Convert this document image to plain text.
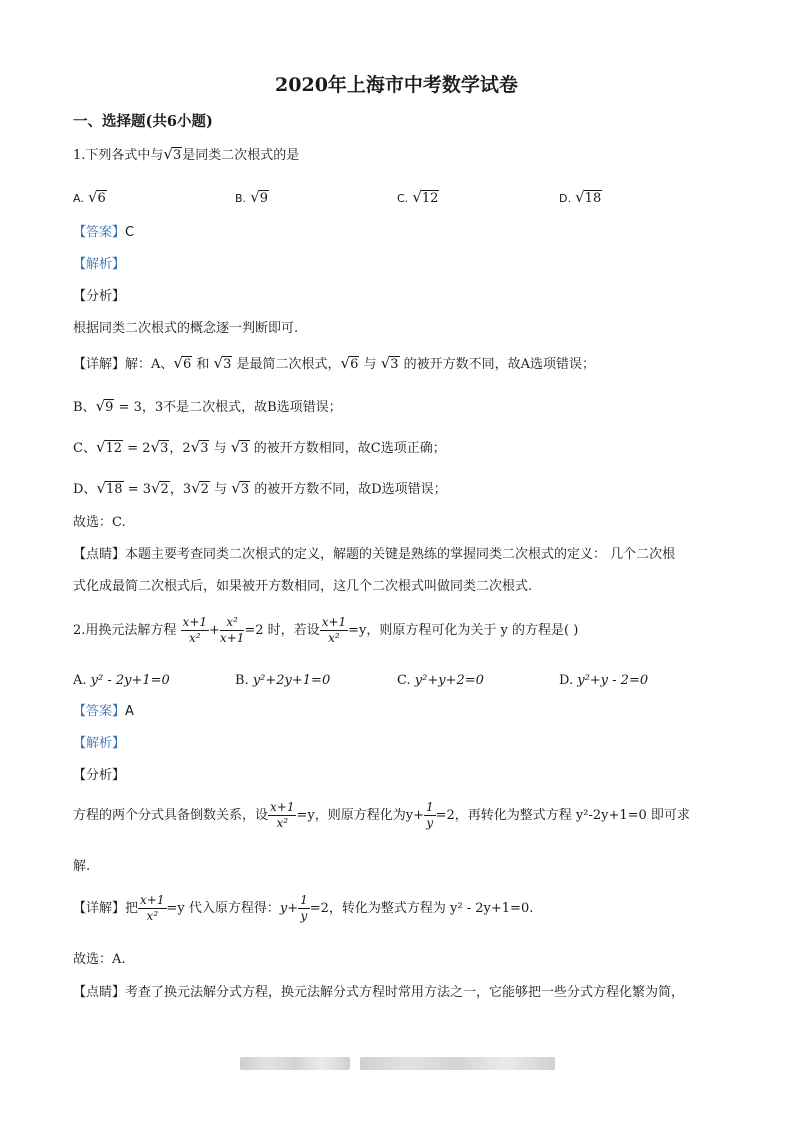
2020年上海市中考数学试卷
一、选择题(共6小题)
1.下列各式中与√3是同类二次根式的是
A. √6	B. √9	C. √12	D. √18
【答案】C
【解析】
【分析】
根据同类二次根式的概念逐一判断即可.
【详解】解：A、√6 和 √3 是最简二次根式，√6 与 √3 的被开方数不同，故A选项错误；
B、√9 = 3，3不是二次根式，故B选项错误；
C、√12 = 2√3，2√3 与 √3 的被开方数相同，故C选项正确；
D、√18 = 3√2，3√2 与 √3 的被开方数不同，故D选项错误；
故选：C.
【点睛】本题主要考查同类二次根式的定义，解题的关键是熟练的掌握同类二次根式的定义： 几个二次根
式化成最简二次根式后，如果被开方数相同，这几个二次根式叫做同类二次根式.
2.用换元法解方程 $\frac{x+1}{\text{x²}} + \frac{\text{x²}}{x+1} =2$ 时，若设 $\frac{x+1}{\text{x²}} =y$，则原方程可化为关于 y 的方程是( )
A. y² - 2y+1=0	B. y²+2y+1=0	C. y²+y+2=0	D. y²+y - 2=0
【答案】A
【解析】
【分析】
方程的两个分式具备倒数关系，设 $\frac{x+1}{\text{x²}} =y$，则原方程化为$y+ \frac{1}{y} =2$，再转化为整式方程 y²-2y+1=0 即可求
解.
【详解】把 $\frac{x+1}{\text{x²}} =y$ 代入原方程得：$y+ \frac{1}{y} =2$，转化为整式方程为 y² - 2y+1=0.
故选：A.
【点睛】考查了换元法解分式方程，换元法解分式方程时常用方法之一，它能够把一些分式方程化繁为简，
